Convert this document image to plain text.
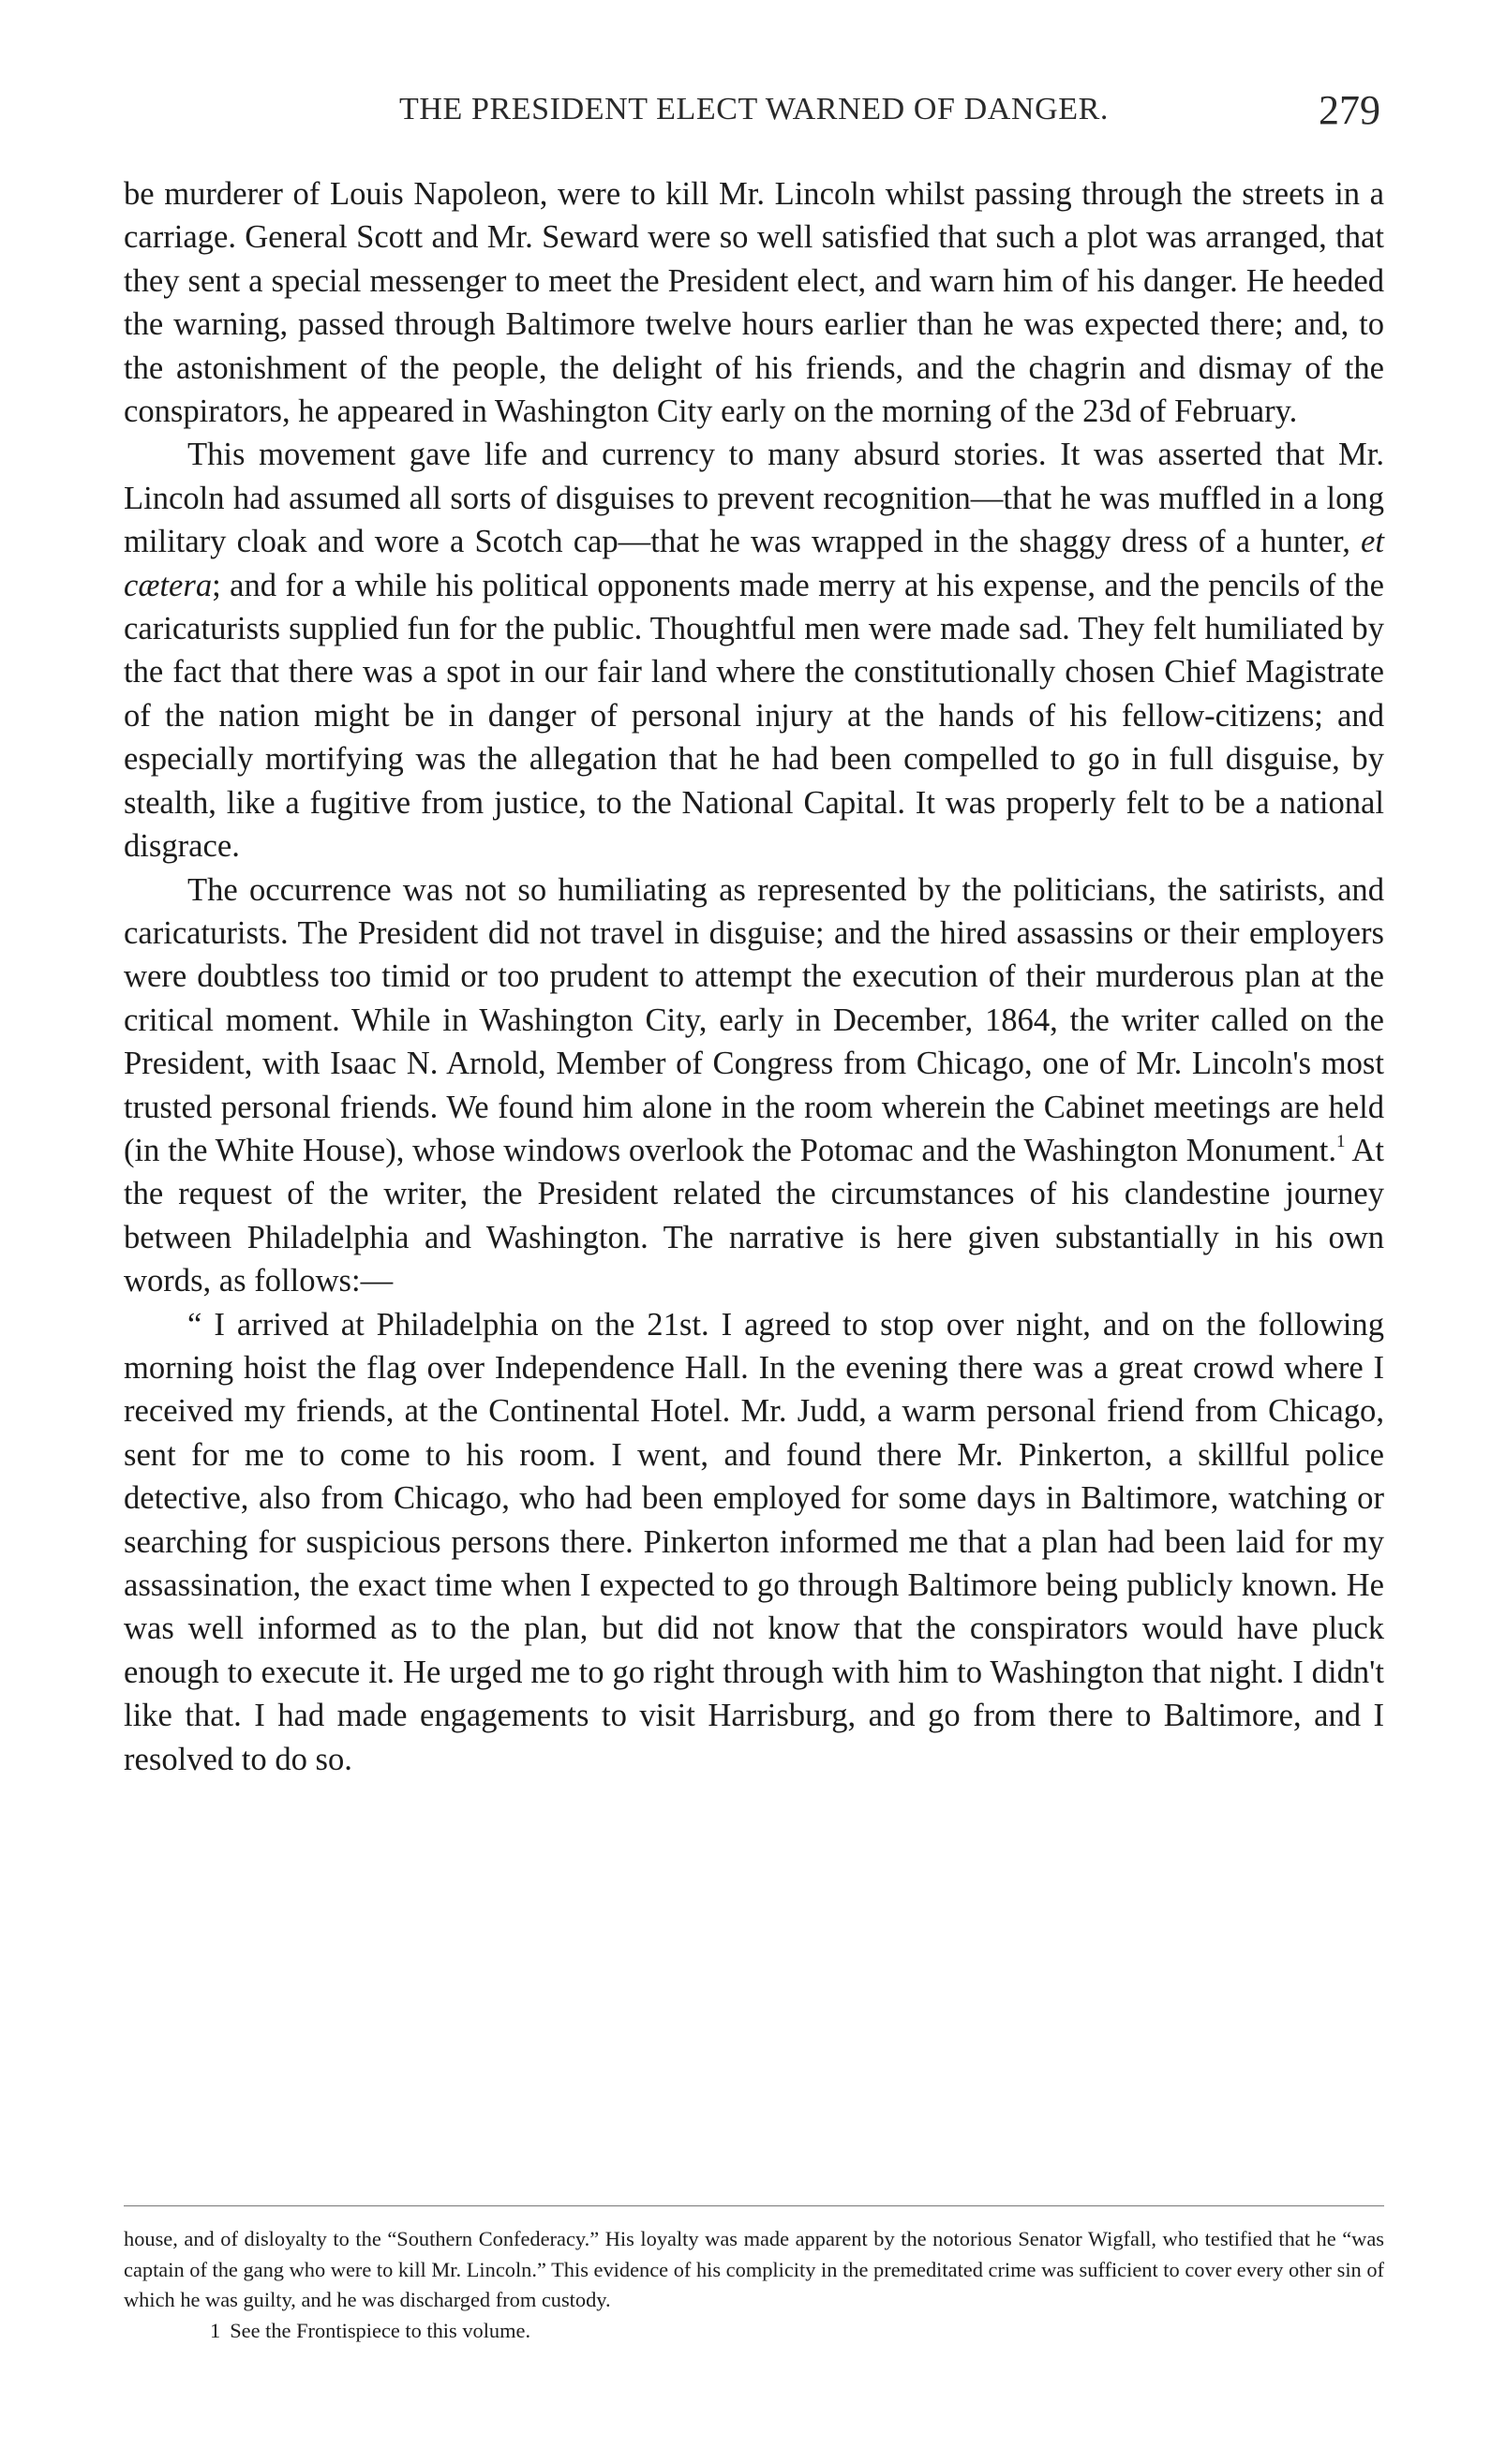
THE PRESIDENT ELECT WARNED OF DANGER.	279

be murderer of Louis Napoleon, were to kill Mr. Lincoln whilst passing through the streets in a carriage. General Scott and Mr. Seward were so well satisfied that such a plot was arranged, that they sent a special messenger to meet the President elect, and warn him of his danger. He heeded the warning, passed through Baltimore twelve hours earlier than he was expected there; and, to the astonishment of the people, the delight of his friends, and the chagrin and dismay of the conspirators, he appeared in Washington City early on the morning of the 23d of February.

This movement gave life and currency to many absurd stories. It was asserted that Mr. Lincoln had assumed all sorts of disguises to prevent recognition—that he was muffled in a long military cloak and wore a Scotch cap—that he was wrapped in the shaggy dress of a hunter, et cætera; and for a while his political opponents made merry at his expense, and the pencils of the caricaturists supplied fun for the public. Thoughtful men were made sad. They felt humiliated by the fact that there was a spot in our fair land where the constitutionally chosen Chief Magistrate of the nation might be in danger of personal injury at the hands of his fellow-citizens; and especially mortifying was the allegation that he had been compelled to go in full disguise, by stealth, like a fugitive from justice, to the National Capital. It was properly felt to be a national disgrace.

The occurrence was not so humiliating as represented by the politicians, the satirists, and caricaturists. The President did not travel in disguise; and the hired assassins or their employers were doubtless too timid or too prudent to attempt the execution of their murderous plan at the critical moment. While in Washington City, early in December, 1864, the writer called on the President, with Isaac N. Arnold, Member of Congress from Chicago, one of Mr. Lincoln's most trusted personal friends. We found him alone in the room wherein the Cabinet meetings are held (in the White House), whose windows overlook the Potomac and the Washington Monument.$^1$ At the request of the writer, the President related the circumstances of his clandestine journey between Philadelphia and Washington. The narrative is here given substantially in his own words, as follows:—

“ I arrived at Philadelphia on the 21st. I agreed to stop over night, and on the following morning hoist the flag over Independence Hall. In the evening there was a great crowd where I received my friends, at the Continental Hotel. Mr. Judd, a warm personal friend from Chicago, sent for me to come to his room. I went, and found there Mr. Pinkerton, a skillful police detective, also from Chicago, who had been employed for some days in Baltimore, watching or searching for suspicious persons there. Pinkerton informed me that a plan had been laid for my assassination, the exact time when I expected to go through Baltimore being publicly known. He was well informed as to the plan, but did not know that the conspirators would have pluck enough to execute it. He urged me to go right through with him to Washington that night. I didn't like that. I had made engagements to visit Harrisburg, and go from there to Baltimore, and I resolved to do so.

house, and of disloyalty to the “Southern Confederacy.” His loyalty was made apparent by the notorious Senator Wigfall, who testified that he “was captain of the gang who were to kill Mr. Lincoln.” This evidence of his complicity in the premeditated crime was sufficient to cover every other sin of which he was guilty, and he was discharged from custody.

1 See the Frontispiece to this volume.
